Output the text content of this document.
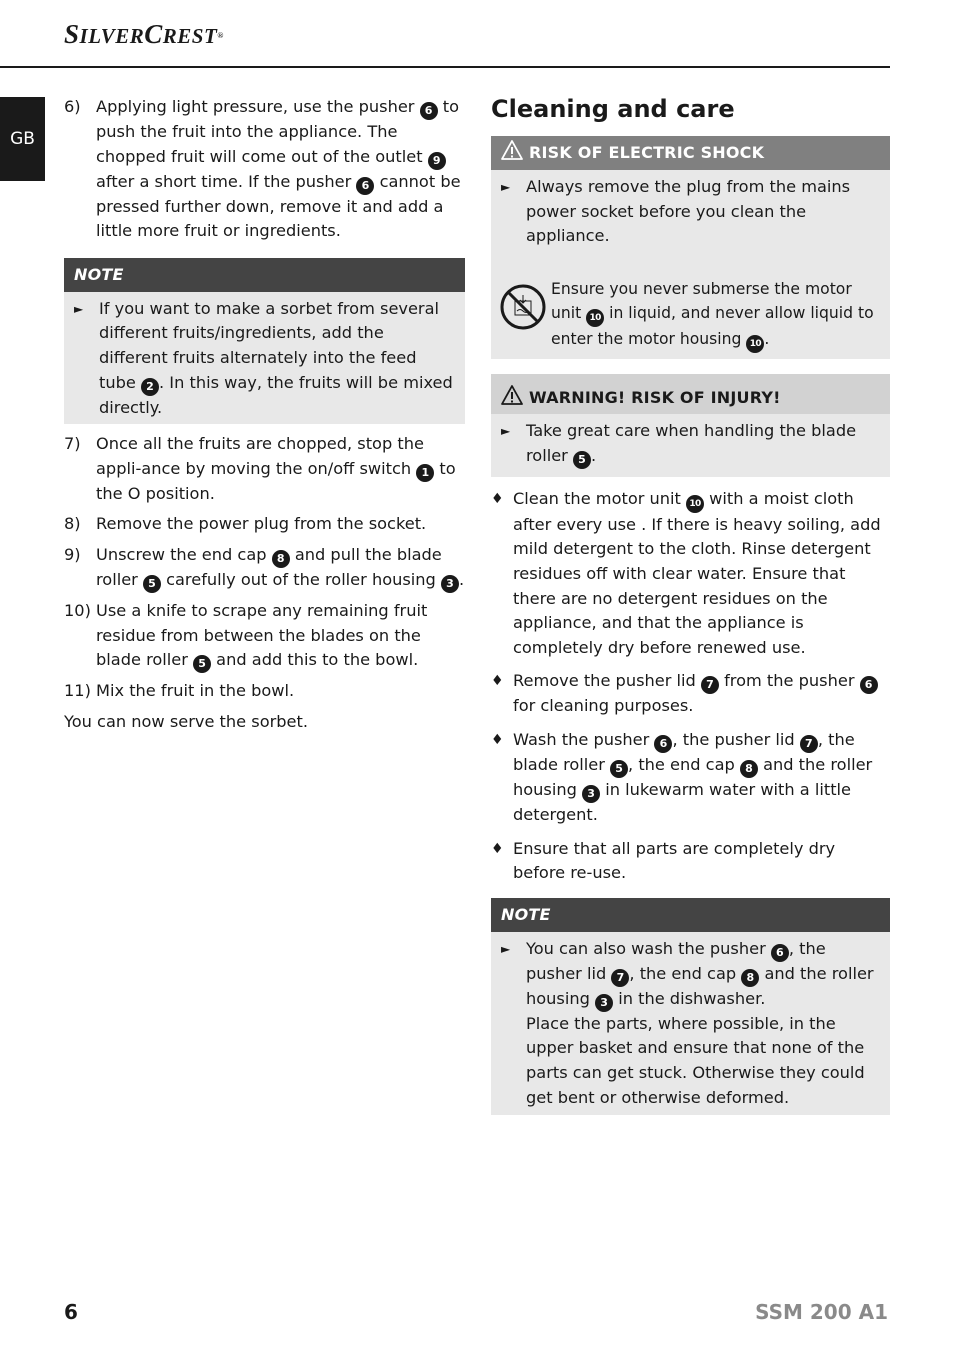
SILVERCREST®
GB
6) Applying light pressure, use the pusher 6 to push the fruit into the appliance. The chopped fruit will come out of the outlet 9 after a short time. If the pusher 6 cannot be pressed further down, remove it and add a little more fruit or ingredients.
NOTE
► If you want to make a sorbet from several different fruits/ingredients, add the different fruits alternately into the feed tube 2 . In this way, the fruits will be mixed directly.
7) Once all the fruits are chopped, stop the appli-ance by moving the on/off switch 1 to the O position.
8) Remove the power plug from the socket.
9) Unscrew the end cap 8 and pull the blade roller 5 carefully out of the roller housing 3 .
10) Use a knife to scrape any remaining fruit residue from between the blades on the blade roller 5 and add this to the bowl.
11) Mix the fruit in the bowl.

You can now serve the sorbet.

Cleaning and care
RISK OF ELECTRIC SHOCK
► Always remove the plug from the mains power socket before you clean the appliance.
Ensure you never submerse the motor unit 10 in liquid, and never allow liquid to enter the motor housing 10 .
WARNING! RISK OF INJURY!
► Take great care when handling the blade roller 5 .
♦ Clean the motor unit 10 with a moist cloth after every use . If there is heavy soiling, add mild detergent to the cloth. Rinse detergent residues off with clear water. Ensure that there are no detergent residues on the appliance, and that the appliance is completely dry before renewed use.
♦ Remove the pusher lid 7 from the pusher 6 for cleaning purposes.
♦ Wash the pusher 6 , the pusher lid 7 , the blade roller 5 , the end cap 8 and the roller housing 3 in lukewarm water with a little detergent.
♦ Ensure that all parts are completely dry before re-use.
NOTE
► You can also wash the pusher 6 , the pusher lid 7 , the end cap 8 and the roller housing 3 in the dishwasher.
Place the parts, where possible, in the upper basket and ensure that none of the parts can get stuck. Otherwise they could get bent or otherwise deformed.
6	SSM 200 A1
